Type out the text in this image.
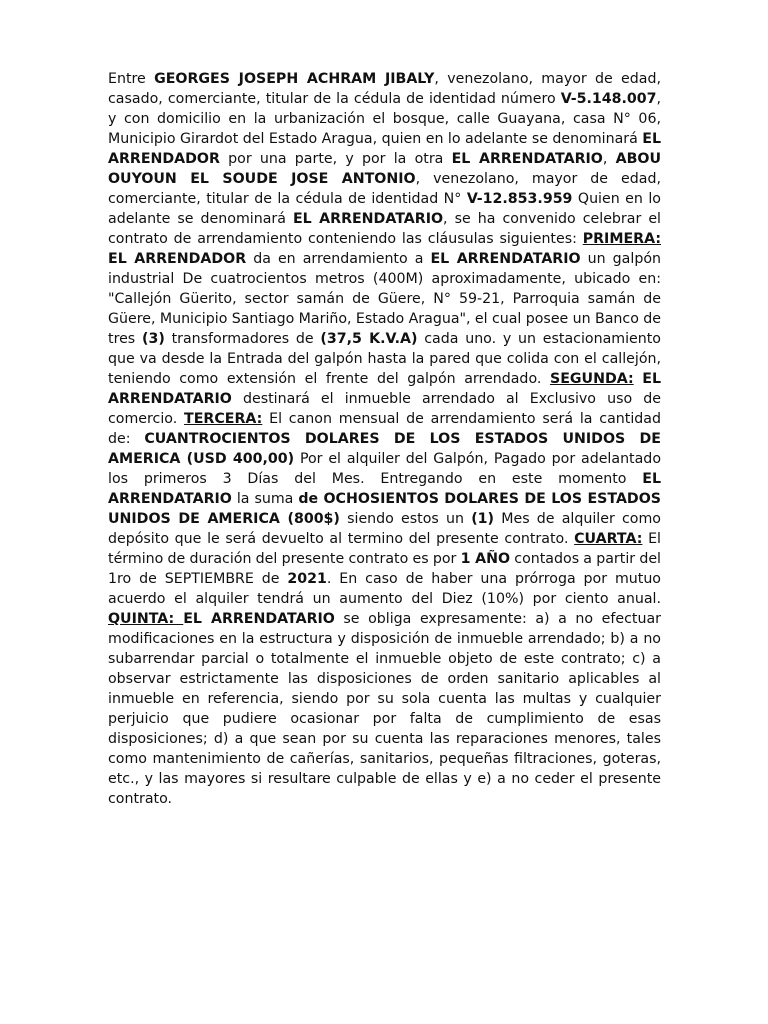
Entre GEORGES JOSEPH ACHRAM JIBALY, venezolano, mayor de edad, casado, comerciante, titular de la cédula de identidad número V-5.148.007, y con domicilio en la urbanización el bosque, calle Guayana, casa N° 06, Municipio Girardot del Estado Aragua, quien en lo adelante se denominará EL ARRENDADOR por una parte, y por la otra EL ARRENDATARIO, ABOU OUYOUN EL SOUDE JOSE ANTONIO, venezolano, mayor de edad, comerciante, titular de la cédula de identidad N° V-12.853.959 Quien en lo adelante se denominará EL ARRENDATARIO, se ha convenido celebrar el contrato de arrendamiento conteniendo las cláusulas siguientes: PRIMERA: EL ARRENDADOR da en arrendamiento a EL ARRENDATARIO un galpón industrial De cuatrocientos metros (400M) aproximadamente, ubicado en: "Callejón Güerito, sector samán de Güere, N° 59-21, Parroquia samán de Güere, Municipio Santiago Mariño, Estado Aragua", el cual posee un Banco de tres (3) transformadores de (37,5 K.V.A) cada uno. y un estacionamiento que va desde la Entrada del galpón hasta la pared que colida con el callejón, teniendo como extensión el frente del galpón arrendado. SEGUNDA: EL ARRENDATARIO destinará el inmueble arrendado al Exclusivo uso de comercio. TERCERA: El canon mensual de arrendamiento será la cantidad de: CUANTROCIENTOS DOLARES DE LOS ESTADOS UNIDOS DE AMERICA (USD 400,00) Por el alquiler del Galpón, Pagado por adelantado los primeros 3 Días del Mes. Entregando en este momento EL ARRENDATARIO la suma de OCHOSIENTOS DOLARES DE LOS ESTADOS UNIDOS DE AMERICA (800$) siendo estos un (1) Mes de alquiler como depósito que le será devuelto al termino del presente contrato. CUARTA: El término de duración del presente contrato es por 1 AÑO contados a partir del 1ro de SEPTIEMBRE de 2021. En caso de haber una prórroga por mutuo acuerdo el alquiler tendrá un aumento del Diez (10%) por ciento anual. QUINTA: EL ARRENDATARIO se obliga expresamente: a) a no efectuar modificaciones en la estructura y disposición de inmueble arrendado; b) a no subarrendar parcial o totalmente el inmueble objeto de este contrato; c) a observar estrictamente las disposiciones de orden sanitario aplicables al inmueble en referencia, siendo por su sola cuenta las multas y cualquier perjuicio que pudiere ocasionar por falta de cumplimiento de esas disposiciones; d) a que sean por su cuenta las reparaciones menores, tales como mantenimiento de cañerías, sanitarios, pequeñas filtraciones, goteras, etc., y las mayores si resultare culpable de ellas y e) a no ceder el presente contrato.
